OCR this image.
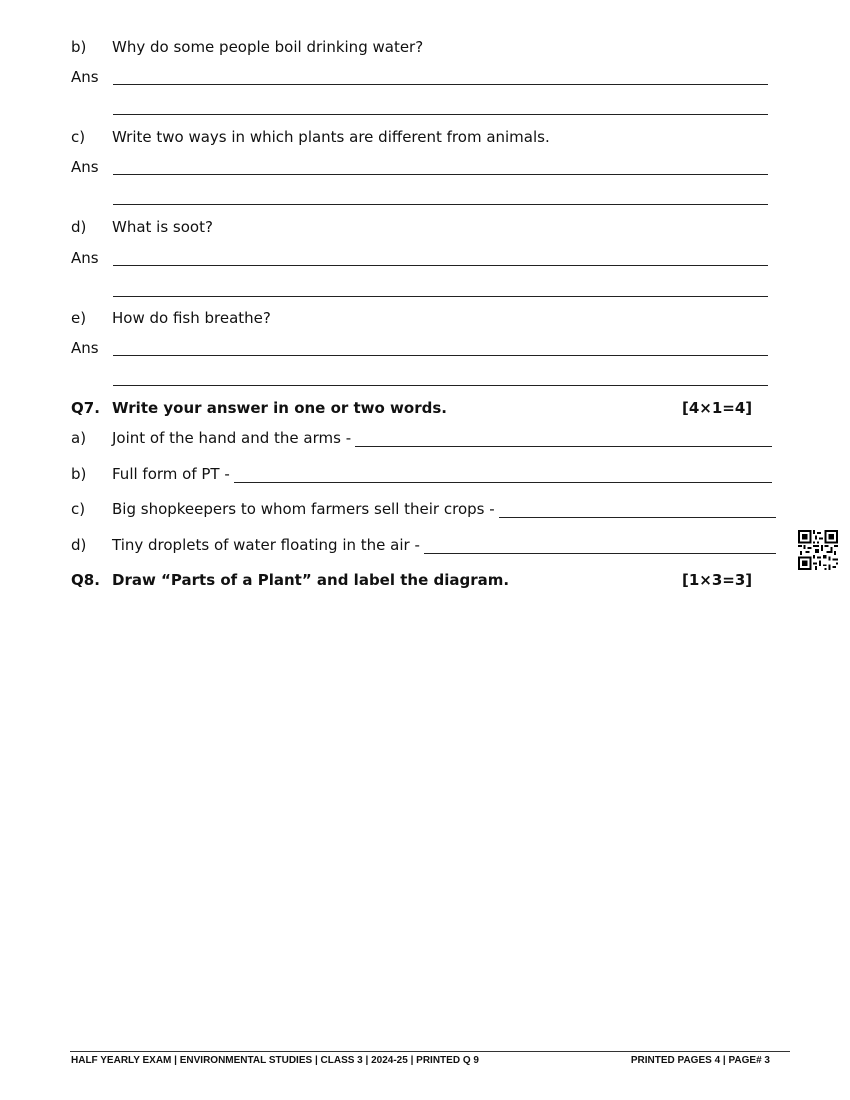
b) Why do some people boil drinking water?
Ans
c) Write two ways in which plants are different from animals.
Ans
d) What is soot?
Ans
e) How do fish breathe?
Ans
Q7. Write your answer in one or two words.	[4×1=4]
a) Joint of the hand and the arms -
b) Full form of PT -
c) Big shopkeepers to whom farmers sell their crops -
d) Tiny droplets of water floating in the air -
Q8. Draw “Parts of a Plant” and label the diagram.	[1×3=3]
HALF YEARLY EXAM | ENVIRONMENTAL STUDIES | CLASS 3 | 2024-25 | PRINTED Q 9	PRINTED PAGES 4 | PAGE# 3
